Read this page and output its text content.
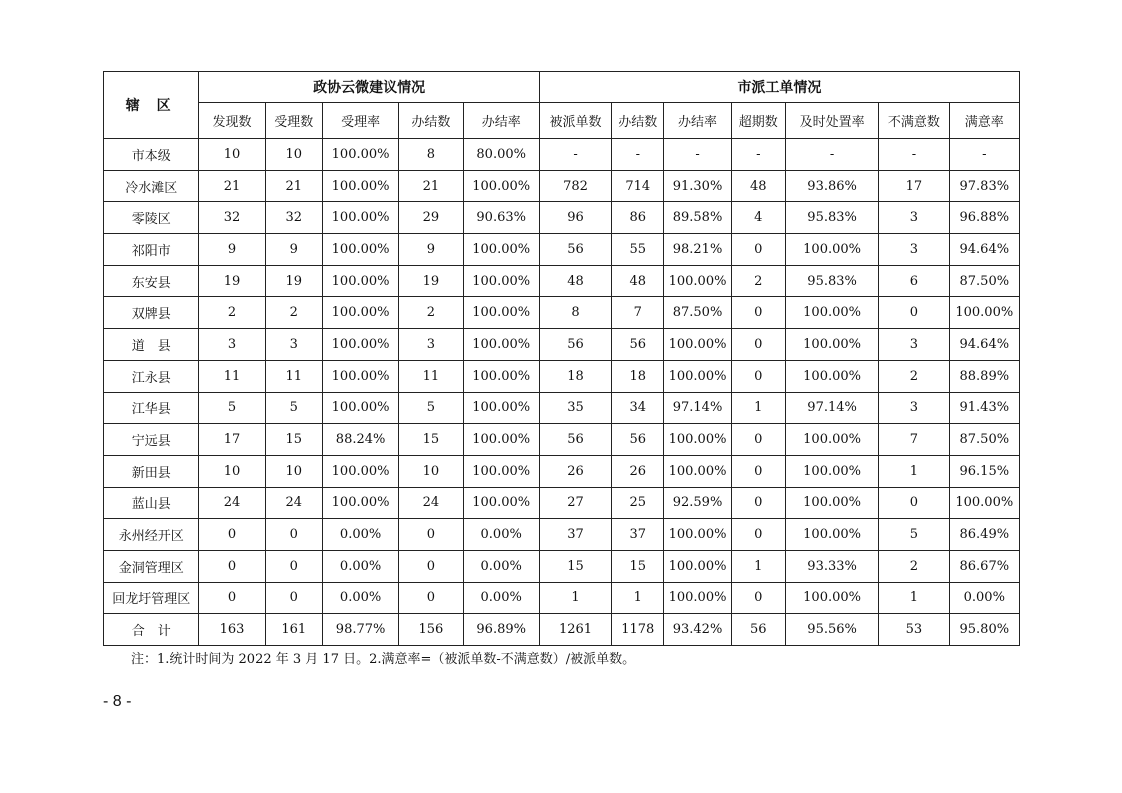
辖 区	政协云微建议情况					市派工单情况						
	发现数	受理数	受理率	办结数	办结率	被派单数	办结数	办结率	超期数	及时处置率	不满意数	满意率
市本级	10	10	100.00%	8	80.00%	-	-	-	-	-	-	-
冷水滩区	21	21	100.00%	21	100.00%	782	714	91.30%	48	93.86%	17	97.83%
零陵区	32	32	100.00%	29	90.63%	96	86	89.58%	4	95.83%	3	96.88%
祁阳市	9	9	100.00%	9	100.00%	56	55	98.21%	0	100.00%	3	94.64%
东安县	19	19	100.00%	19	100.00%	48	48	100.00%	2	95.83%	6	87.50%
双牌县	2	2	100.00%	2	100.00%	8	7	87.50%	0	100.00%	0	100.00%
道　县	3	3	100.00%	3	100.00%	56	56	100.00%	0	100.00%	3	94.64%
江永县	11	11	100.00%	11	100.00%	18	18	100.00%	0	100.00%	2	88.89%
江华县	5	5	100.00%	5	100.00%	35	34	97.14%	1	97.14%	3	91.43%
宁远县	17	15	88.24%	15	100.00%	56	56	100.00%	0	100.00%	7	87.50%
新田县	10	10	100.00%	10	100.00%	26	26	100.00%	0	100.00%	1	96.15%
蓝山县	24	24	100.00%	24	100.00%	27	25	92.59%	0	100.00%	0	100.00%
永州经开区	0	0	0.00%	0	0.00%	37	37	100.00%	0	100.00%	5	86.49%
金洞管理区	0	0	0.00%	0	0.00%	15	15	100.00%	1	93.33%	2	86.67%
回龙圩管理区	0	0	0.00%	0	0.00%	1	1	100.00%	0	100.00%	1	0.00%
合　计	163	161	98.77%	156	96.89%	1261	1178	93.42%	56	95.56%	53	95.80%
注：1.统计时间为 2022 年 3 月 17 日。2.满意率=（被派单数-不满意数）/被派单数。
- 8 -
